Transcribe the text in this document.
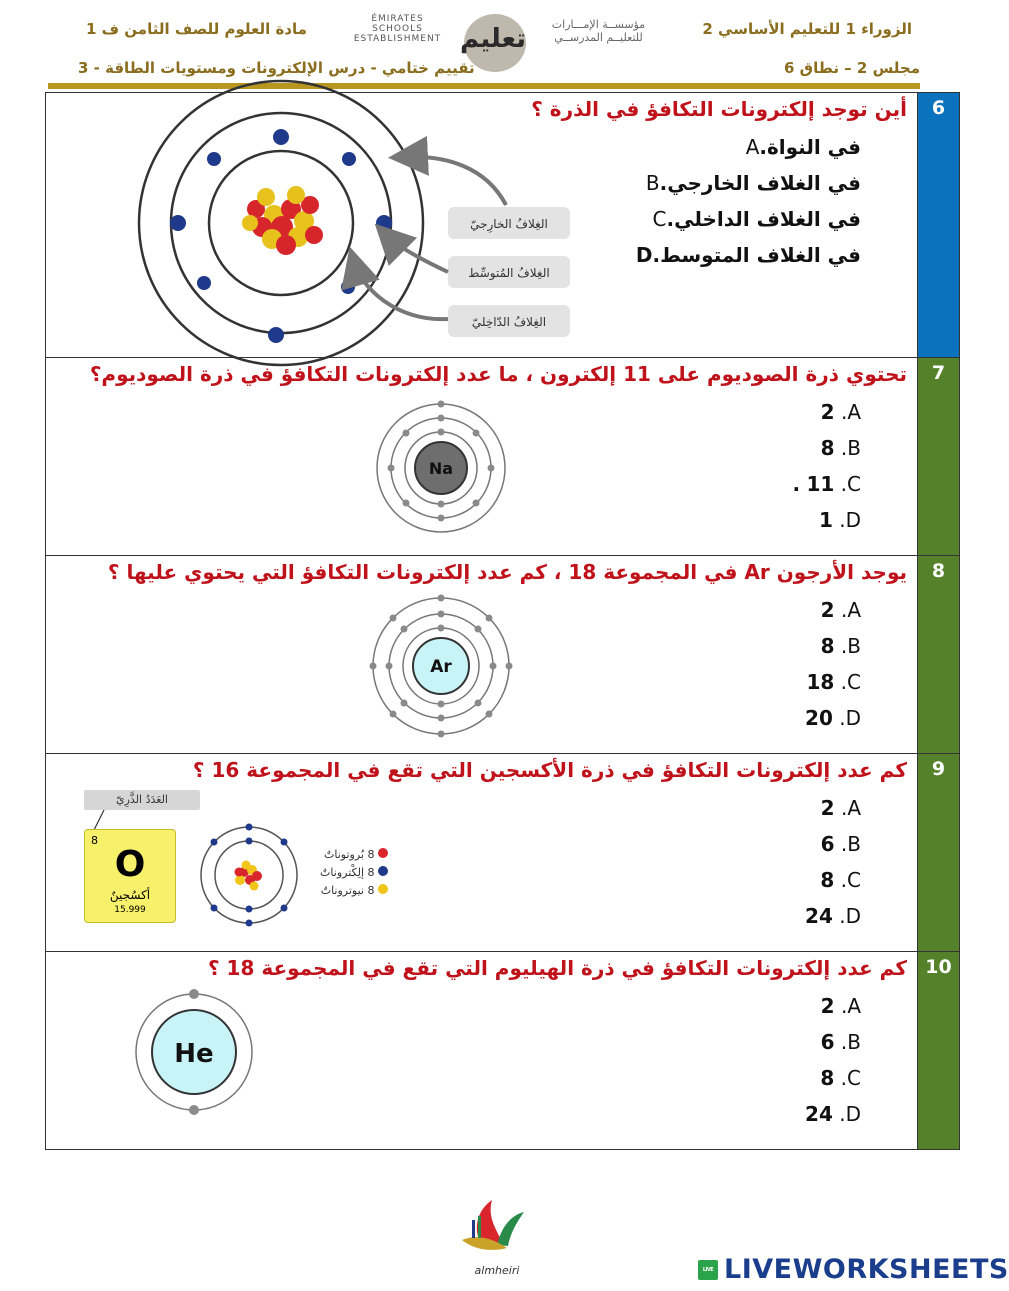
الزوراء 1 للتعليم الأساسي 2
مجلس 2 – نطاق 6
مادة العلوم للصف الثامن ف 1
تقييم ختامي - درس الإلكترونات ومستويات الطاقة - 3
ÉMIRATES SCHOOLS
ESTABLISHMENT تعليم	مؤسســة الإمـــارات
للتعليــم المدرســي
6
أين توجد إلكترونات التكافؤ في الذرة ؟
في النواة.A
في الغلاف الخارجي.B
في الغلاف الداخلي.C
في الغلاف المتوسط.D
الغِلافُ الخارِجيّ
الغِلافُ المُتوسِّط
الغِلافُ الدّاخِليّ
7
تحتوي ذرة الصوديوم على 11 إلكترون ، ما عدد إلكترونات التكافؤ في ذرة الصوديوم؟
2 .A
8 .B
. 11 .C
1 .D
Na
8
يوجد الأرجون Ar في المجموعة 18 ، كم عدد إلكترونات التكافؤ التي يحتوي عليها ؟
2 .A
8 .B
18 .C
20 .D
Ar
9
كم عدد إلكترونات التكافؤ في ذرة الأكسجين التي تقع في المجموعة 16 ؟
2 .A
6 .B
8 .C
24 .D
العَدَدُ الذَّرِيّ
8
O
أكسُجينٌ
15.999
8 بُروتوناتٌ
8 إلِكْتروناتٌ
8 نيوتروناتٌ
10
كم عدد إلكترونات التكافؤ في ذرة الهيليوم التي تقع في المجموعة 18 ؟
2 .A
6 .B
8 .C
24 .D
He
almheiri	LIVE LIVEWORKSHEETS
